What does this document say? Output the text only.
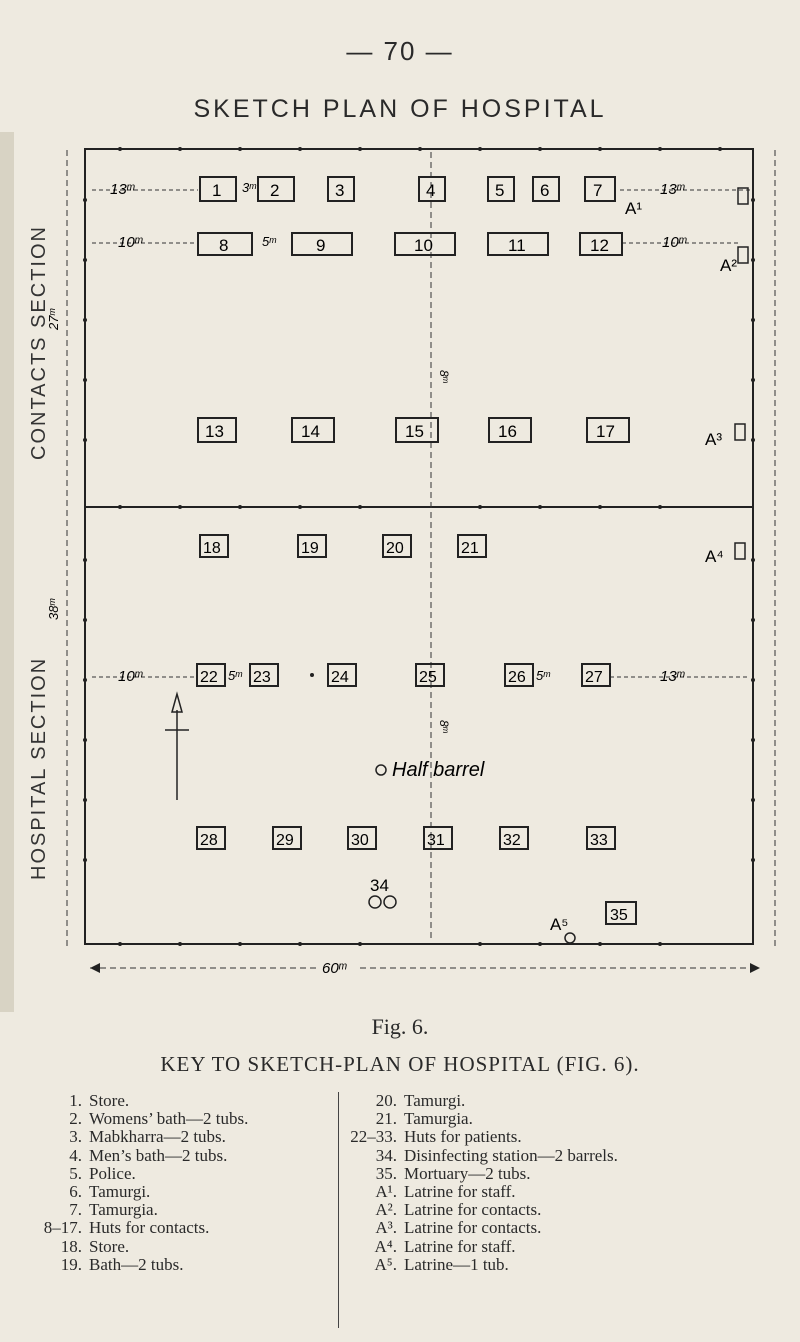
— 70 —
SKETCH PLAN OF HOSPITAL
CONTACTS SECTION
HOSPITAL SECTION
13ᵐ	3ᵐ	13ᵐ
10ᵐ	5ᵐ	10ᵐ
10ᵐ	5ᵐ	5ᵐ	13ᵐ
8ᵐ
8ᵐ
38ᵐ
27ᵐ
60ᵐ
1	2	3	4	5 6	7
8	9	10	11	12
13	14	15	16	17
18	19	20	21
22 23	24	25	26	27
Half barrel
28	29	30	31	32	33
34
35
A¹
A²
A³
A⁴
A⁵
Fig. 6.
KEY TO SKETCH-PLAN OF HOSPITAL (FIG. 6).
1. Store.
2. Womens’ bath—2 tubs.
3. Mabkharra—2 tubs.
4. Men’s bath—2 tubs.
5. Police.
6. Tamurgi.
7. Tamurgia.
8–17. Huts for contacts.
18. Store.
19. Bath—2 tubs.
20. Tamurgi.
21. Tamurgia.
22–33. Huts for patients.
34. Disinfecting station—2 barrels.
35. Mortuary—2 tubs.
A¹. Latrine for staff.
A². Latrine for contacts.
A³. Latrine for contacts.
A⁴. Latrine for staff.
A⁵. Latrine—1 tub.
